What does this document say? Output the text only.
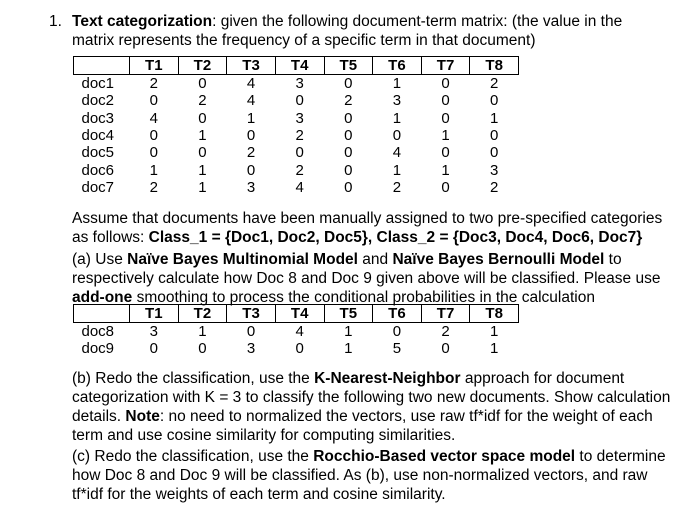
1. Text categorization: given the following document-term matrix: (the value in the matrix represents the frequency of a specific term in that document)
	T1	T2	T3	T4	T5	T6	T7	T8
doc1	2	0	4	3	0	1	0	2
doc2	0	2	4	0	2	3	0	0
doc3	4	0	1	3	0	1	0	1
doc4	0	1	0	2	0	0	1	0
doc5	0	0	2	0	0	4	0	0
doc6	1	1	0	2	0	1	1	3
doc7	2	1	3	4	0	2	0	2
Assume that documents have been manually assigned to two pre-specified categories as follows: Class_1 = {Doc1, Doc2, Doc5}, Class_2 = {Doc3, Doc4, Doc6, Doc7}
(a) Use Naïve Bayes Multinomial Model and Naïve Bayes Bernoulli Model to respectively calculate how Doc 8 and Doc 9 given above will be classified. Please use add-one smoothing to process the conditional probabilities in the calculation
	T1	T2	T3	T4	T5	T6	T7	T8
doc8	3	1	0	4	1	0	2	1
doc9	0	0	3	0	1	5	0	1
(b) Redo the classification, use the K-Nearest-Neighbor approach for document categorization with K = 3 to classify the following two new documents. Show calculation details. Note: no need to normalized the vectors, use raw tf*idf for the weight of each term and use cosine similarity for computing similarities.
(c) Redo the classification, use the Rocchio-Based vector space model to determine how Doc 8 and Doc 9 will be classified. As (b), use non-normalized vectors, and raw tf*idf for the weights of each term and cosine similarity.
